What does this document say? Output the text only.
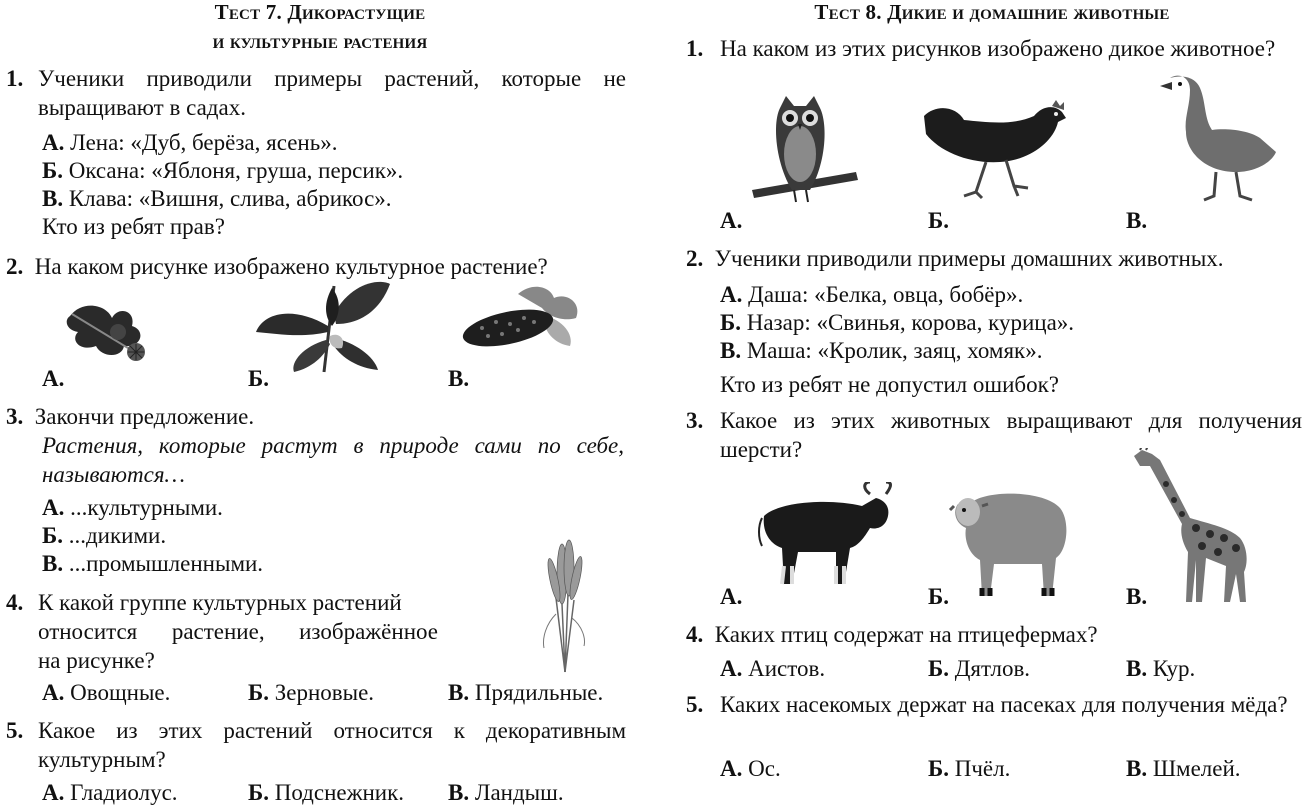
Тест 7. Дикорастущие
и культурные растения
1. Ученики приводили примеры растений, которые не выращивают в садах.
А. Лена: «Дуб, берёза, ясень».
Б. Оксана: «Яблоня, груша, персик».
В. Клава: «Вишня, слива, абрикос».
Кто из ребят прав?
2. На каком рисунке изображено культурное растение?
А.	Б.	В.
3. Закончи предложение.
Растения, которые растут в природе сами по себе, называются…
А. ...культурными.
Б. ...дикими.
В. ...промышленными.
4. К какой группе культурных растений
относится растение, изображённое
на рисунке?
А. Овощные.	Б. Зерновые.	В. Прядильные.
5. Какое из этих растений относится к декоративным культурным?
А. Гладиолус.	Б. Подснежник. В. Ландыш.
Тест 8. Дикие и домашние животные
1. На каком из этих рисунков изображено дикое животное?
А.	Б.	В.
2. Ученики приводили примеры домашних животных.
А. Даша: «Белка, овца, бобёр».
Б. Назар: «Свинья, корова, курица».
В. Маша: «Кролик, заяц, хомяк».
Кто из ребят не допустил ошибок?
3. Какое из этих животных выращивают для получения шерсти?
А.	Б.	В.
4. Каких птиц содержат на птицефермах?
А. Аистов.	Б. Дятлов.	В. Кур.
5. Каких насекомых держат на пасеках для получения мёда?
А. Ос.	Б. Пчёл.	В. Шмелей.
